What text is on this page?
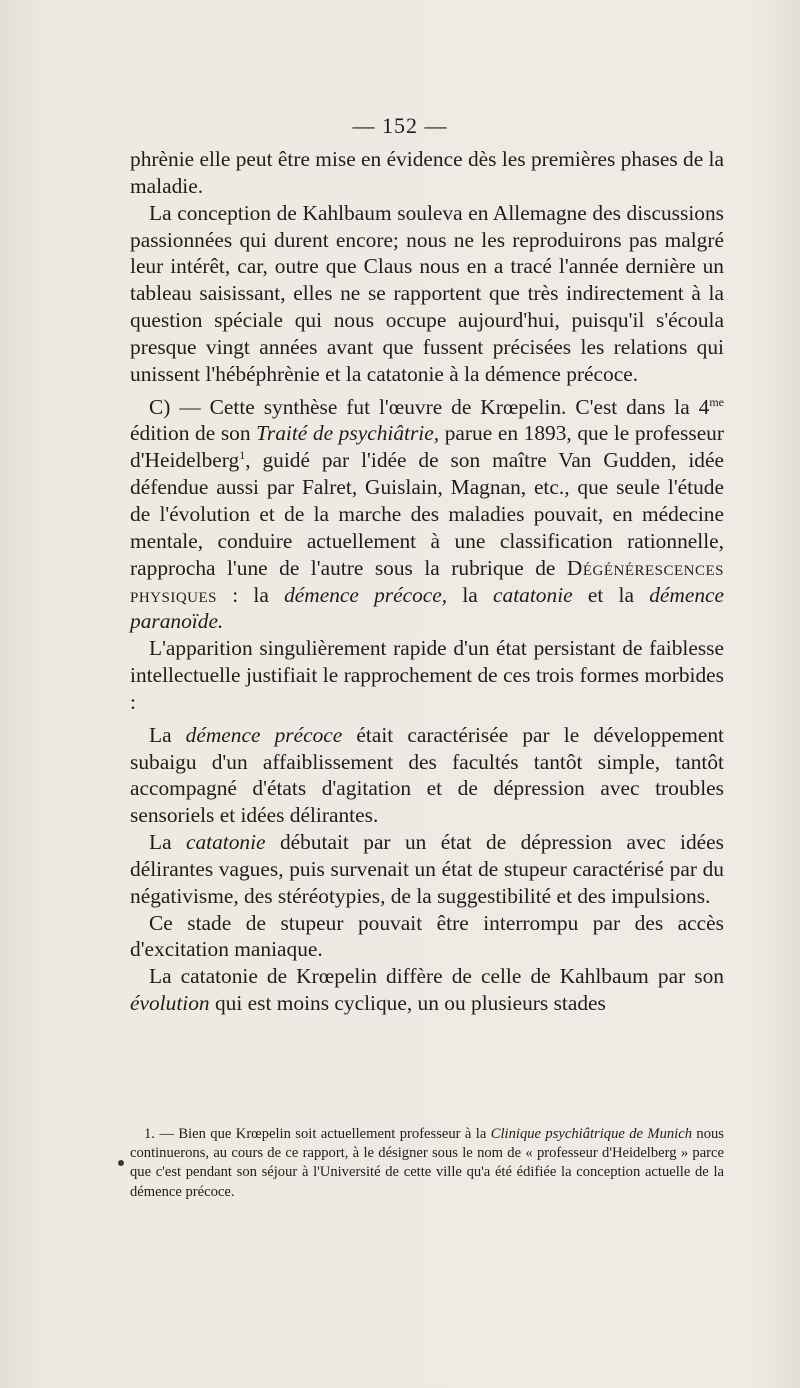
— 152 —

phrènie elle peut être mise en évidence dès les premières phases de la maladie.

La conception de Kahlbaum souleva en Allemagne des discussions passionnées qui durent encore; nous ne les reproduirons pas malgré leur intérêt, car, outre que Claus nous en a tracé l'année dernière un tableau saisissant, elles ne se rapportent que très indirectement à la question spéciale qui nous occupe aujourd'hui, puisqu'il s'écoula presque vingt années avant que fussent précisées les relations qui unissent l'hébéphrènie et la catatonie à la démence précoce.

C) — Cette synthèse fut l'œuvre de Krœpelin. C'est dans la $4^{me}$ édition de son Traité de psychiâtrie, parue en 1893, que le professeur d'Heidelberg$^1$, guidé par l'idée de son maître Van Gudden, idée défendue aussi par Falret, Guislain, Magnan, etc., que seule l'étude de l'évolution et de la marche des maladies pouvait, en médecine mentale, conduire actuellement à une classification rationnelle, rapprocha l'une de l'autre sous la rubrique de Dégénérescences physiques : la démence précoce, la catatonie et la démence paranoïde.

L'apparition singulièrement rapide d'un état persistant de faiblesse intellectuelle justifiait le rapprochement de ces trois formes morbides :

La démence précoce était caractérisée par le développement subaigu d'un affaiblissement des facultés tantôt simple, tantôt accompagné d'états d'agitation et de dépression avec troubles sensoriels et idées délirantes.

La catatonie débutait par un état de dépression avec idées délirantes vagues, puis survenait un état de stupeur caractérisé par du négativisme, des stéréotypies, de la suggestibilité et des impulsions.

Ce stade de stupeur pouvait être interrompu par des accès d'excitation maniaque.

La catatonie de Krœpelin diffère de celle de Kahlbaum par son évolution qui est moins cyclique, un ou plusieurs stades

1. — Bien que Krœpelin soit actuellement professeur à la Clinique psychiâtrique de Munich nous continuerons, au cours de ce rapport, à le désigner sous le nom de « professeur d'Heidelberg » parce que c'est pendant son séjour à l'Université de cette ville qu'a été édifiée la conception actuelle de la démence précoce.
